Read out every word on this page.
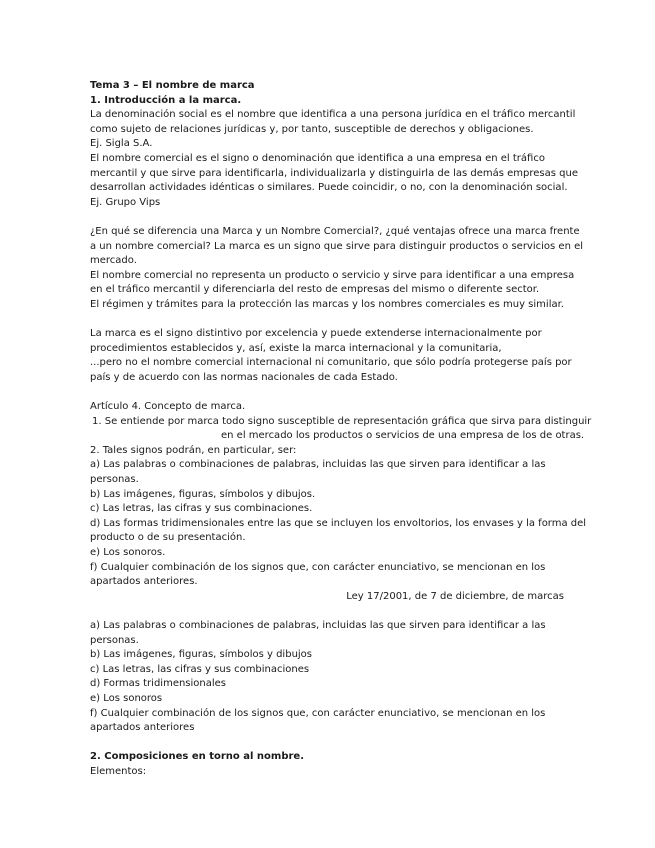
Tema 3 – El nombre de marca
1. Introducción a la marca.
La denominación social es el nombre que identifica a una persona jurídica en el tráfico mercantil
como sujeto de relaciones jurídicas y, por tanto, susceptible de derechos y obligaciones.
Ej. Sigla S.A.
El nombre comercial es el signo o denominación que identifica a una empresa en el tráfico
mercantil y que sirve para identificarla, individualizarla y distinguirla de las demás empresas que
desarrollan actividades idénticas o similares. Puede coincidir, o no, con la denominación social.
Ej. Grupo Vips
¿En qué se diferencia una Marca y un Nombre Comercial?, ¿qué ventajas ofrece una marca frente
a un nombre comercial? La marca es un signo que sirve para distinguir productos o servicios en el
mercado.
El nombre comercial no representa un producto o servicio y sirve para identificar a una empresa
en el tráfico mercantil y diferenciarla del resto de empresas del mismo o diferente sector.
El régimen y trámites para la protección las marcas y los nombres comerciales es muy similar.
La marca es el signo distintivo por excelencia y puede extenderse internacionalmente por
procedimientos establecidos y, así, existe la marca internacional y la comunitaria,
...pero no el nombre comercial internacional ni comunitario, que sólo podría protegerse país por
país y de acuerdo con las normas nacionales de cada Estado.
Artículo 4. Concepto de marca.
1. Se entiende por marca todo signo susceptible de representación gráfica que sirva para distinguir
en el mercado los productos o servicios de una empresa de los de otras.
2. Tales signos podrán, en particular, ser:
a) Las palabras o combinaciones de palabras, incluidas las que sirven para identificar a las
personas.
b) Las imágenes, figuras, símbolos y dibujos.
c) Las letras, las cifras y sus combinaciones.
d) Las formas tridimensionales entre las que se incluyen los envoltorios, los envases y la forma del
producto o de su presentación.
e) Los sonoros.
f) Cualquier combinación de los signos que, con carácter enunciativo, se mencionan en los
apartados anteriores.
Ley 17/2001, de 7 de diciembre, de marcas
a) Las palabras o combinaciones de palabras, incluidas las que sirven para identificar a las
personas.
b) Las imágenes, figuras, símbolos y dibujos
c) Las letras, las cifras y sus combinaciones
d) Formas tridimensionales
e) Los sonoros
f) Cualquier combinación de los signos que, con carácter enunciativo, se mencionan en los
apartados anteriores
2. Composiciones en torno al nombre.
Elementos:
